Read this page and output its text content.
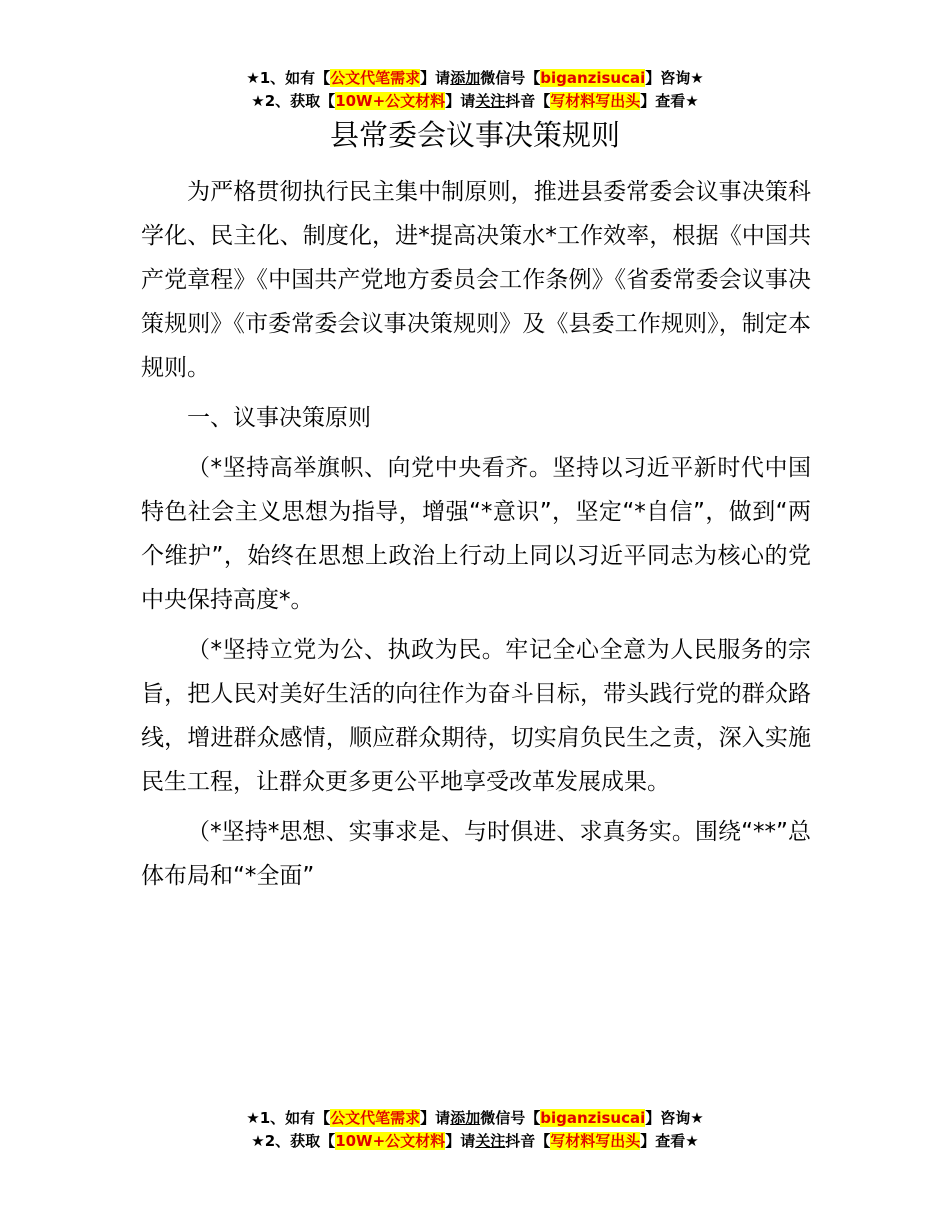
★1、如有【公文代笔需求】请添加微信号【biganzisucai】咨询★
★2、获取【10W+公文材料】请关注抖音【写材料写出头】查看★
县常委会议事决策规则

为严格贯彻执行民主集中制原则，推进县委常委会议事决策科学化、民主化、制度化，进*提高决策水*工作效率，根据《中国共产党章程》《中国共产党地方委员会工作条例》《省委常委会议事决策规则》《市委常委会议事决策规则》及《县委工作规则》，制定本规则。

一、议事决策原则

（*坚持高举旗帜、向党中央看齐。坚持以习近平新时代中国特色社会主义思想为指导，增强“*意识”，坚定“*自信”，做到“两个维护”，始终在思想上政治上行动上同以习近平同志为核心的党中央保持高度*。

（*坚持立党为公、执政为民。牢记全心全意为人民服务的宗旨，把人民对美好生活的向往作为奋斗目标，带头践行党的群众路线，增进群众感情，顺应群众期待，切实肩负民生之责，深入实施民生工程，让群众更多更公平地享受改革发展成果。

（*坚持*思想、实事求是、与时俱进、求真务实。围绕“**”总体布局和“*全面”

★1、如有【公文代笔需求】请添加微信号【biganzisucai】咨询★
★2、获取【10W+公文材料】请关注抖音【写材料写出头】查看★
